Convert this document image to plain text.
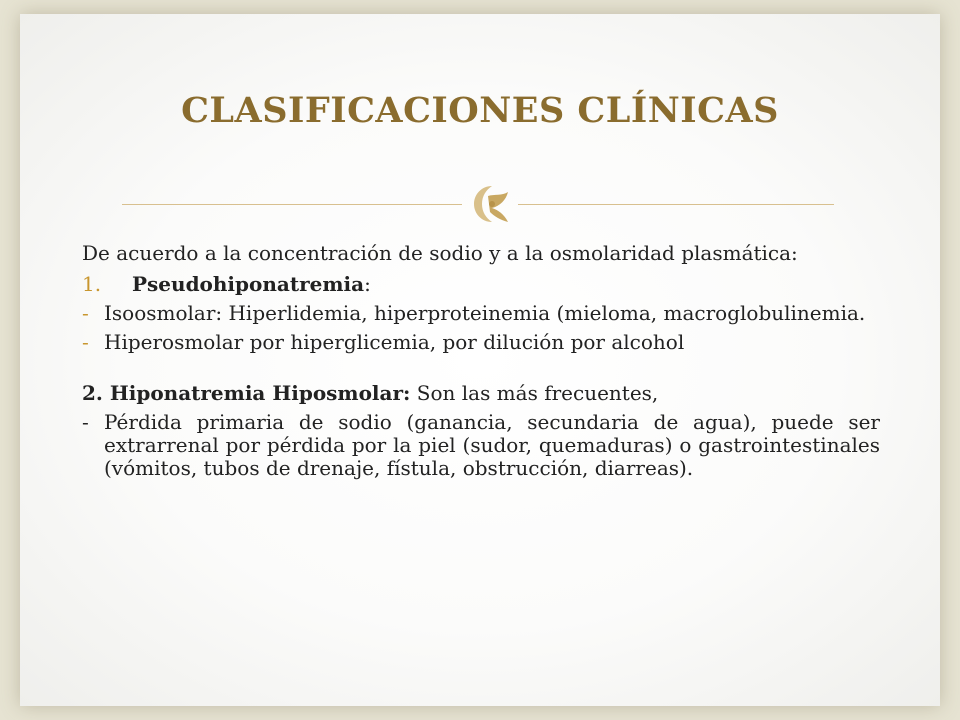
CLASIFICACIONES CLÍNICAS

De acuerdo a la concentración de sodio y a la osmolaridad plasmática:

1.	Pseudohiponatremia:
- Isoosmolar: Hiperlidemia, hiperproteinemia (mieloma, macroglobulinemia.
- Hiperosmolar por hiperglicemia, por dilución por alcohol
2. Hiponatremia Hiposmolar: Son las más frecuentes,
- Pérdida primaria de sodio (ganancia, secundaria de agua), puede ser extrarrenal por pérdida por la piel (sudor, quemaduras) o gastrointestinales (vómitos, tubos de drenaje, fístula, obstrucción, diarreas).
